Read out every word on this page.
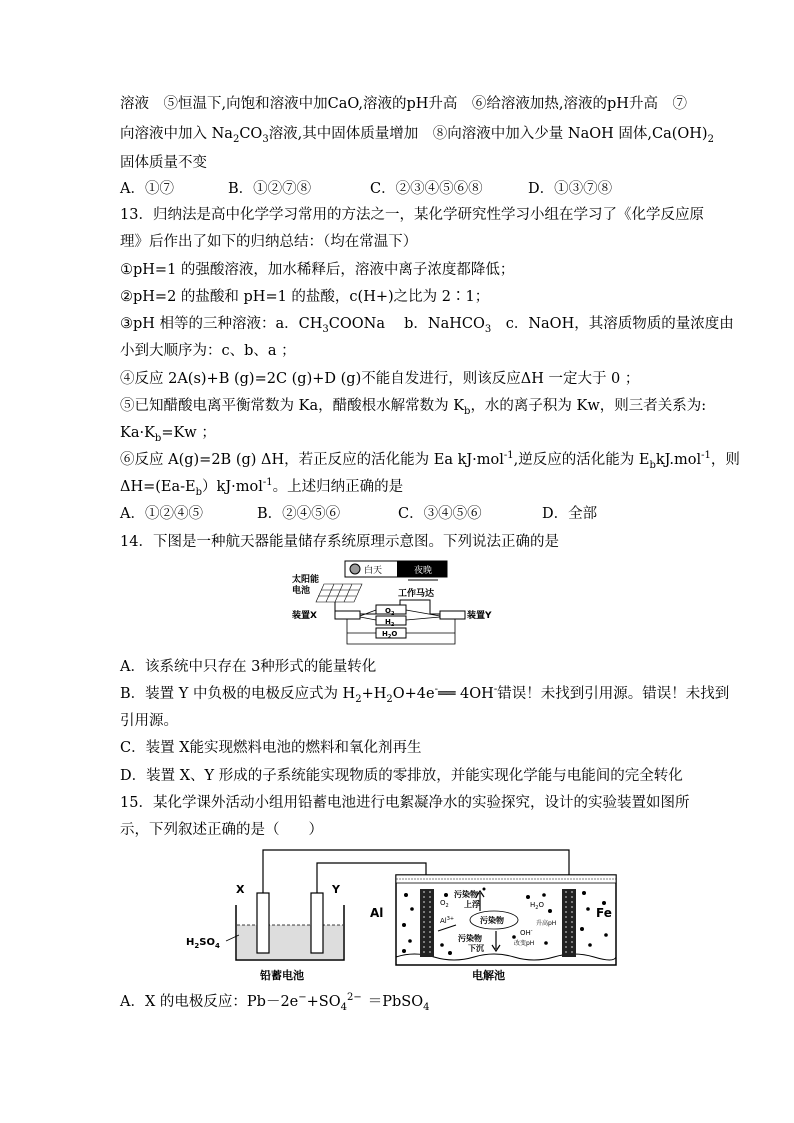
溶液　⑤恒温下,向饱和溶液中加CaO,溶液的pH升高　⑥给溶液加热,溶液的pH升高　⑦
向溶液中加入 $Na_2CO_3$溶液,其中固体质量增加　⑧向溶液中加入少量 NaOH 固体$,Ca(OH)_2$
固体质量不变
A．①⑦	B．①②⑦⑧	C．②③④⑤⑥⑧	D．①③⑦⑧
13．归纳法是高中化学学习常用的方法之一，某化学研究性学习小组在学习了《化学反应原
理》后作出了如下的归纳总结：（均在常温下）
①pH=1 的强酸溶液，加水稀释后，溶液中离子浓度都降低；
②pH=2 的盐酸和 pH=1 的盐酸，c(H+)之比为 2∶1；
③pH 相等的三种溶液：a．$CH_3COONa$　 b．NaHCO$_3$　c．NaOH，其溶质物质的量浓度由
小到大顺序为：c、b、a ；
④反应 2A(s)+B (g)=2C (g)+D (g)不能自发进行，则该反应ΔH 一定大于 0 ；
⑤已知醋酸电离平衡常数为 Ka，醋酸根水解常数为 $K_b$，水的离子积为 Kw，则三者关系为:
$Ka\cdot K_b=Kw$ ；
⑥反应 A(g)=2B (g) ΔH，若正反应的活化能为 Ea kJ·mol$^{-1}$,逆反应的活化能为 $E_bkJ.mol^{-1}$，则
$\Delta H=(Ea-E_b)kJ\cdot mol^{-1}$。上述归纳正确的是
A．①②④⑤	B．②④⑤⑥	C．③④⑤⑥	D．全部
14．下图是一种航天器能量储存系统原理示意图。下列说法正确的是
白天	夜晚
太阳能
电池	工作马达
$O_2$
$H_2$
$H_2O$
装置X	装置Y
A．该系统中只存在 3种形式的能量转化
B．装置 Y 中负极的电极反应式为 $H_2+H_2O+4e^-══$ 4OH-错误！未找到引用源。错误！未找到
引用源。
C．装置 X能实现燃料电池的燃料和氧化剂再生
D．装置 X、Y 形成的子系统能实现物质的零排放，并能实现化学能与电能间的完全转化
15．某化学课外活动小组用铅蓄电池进行电絮凝净水的实验探究，设计的实验装置如图所
示，下列叙述正确的是（　　）
X	Y
$H_2SO_4$
铅蓄电池
Al	Fe
污染物
上浮
$O_2$
$Al^{3+}$	污染物
污染物
下沉
$H_2O$
OH-
升高pH
改变pH
电解池
A．X 的电极反应：$Pb-2e^-+SO_4^{2-}$ ＝PbSO$_4$
